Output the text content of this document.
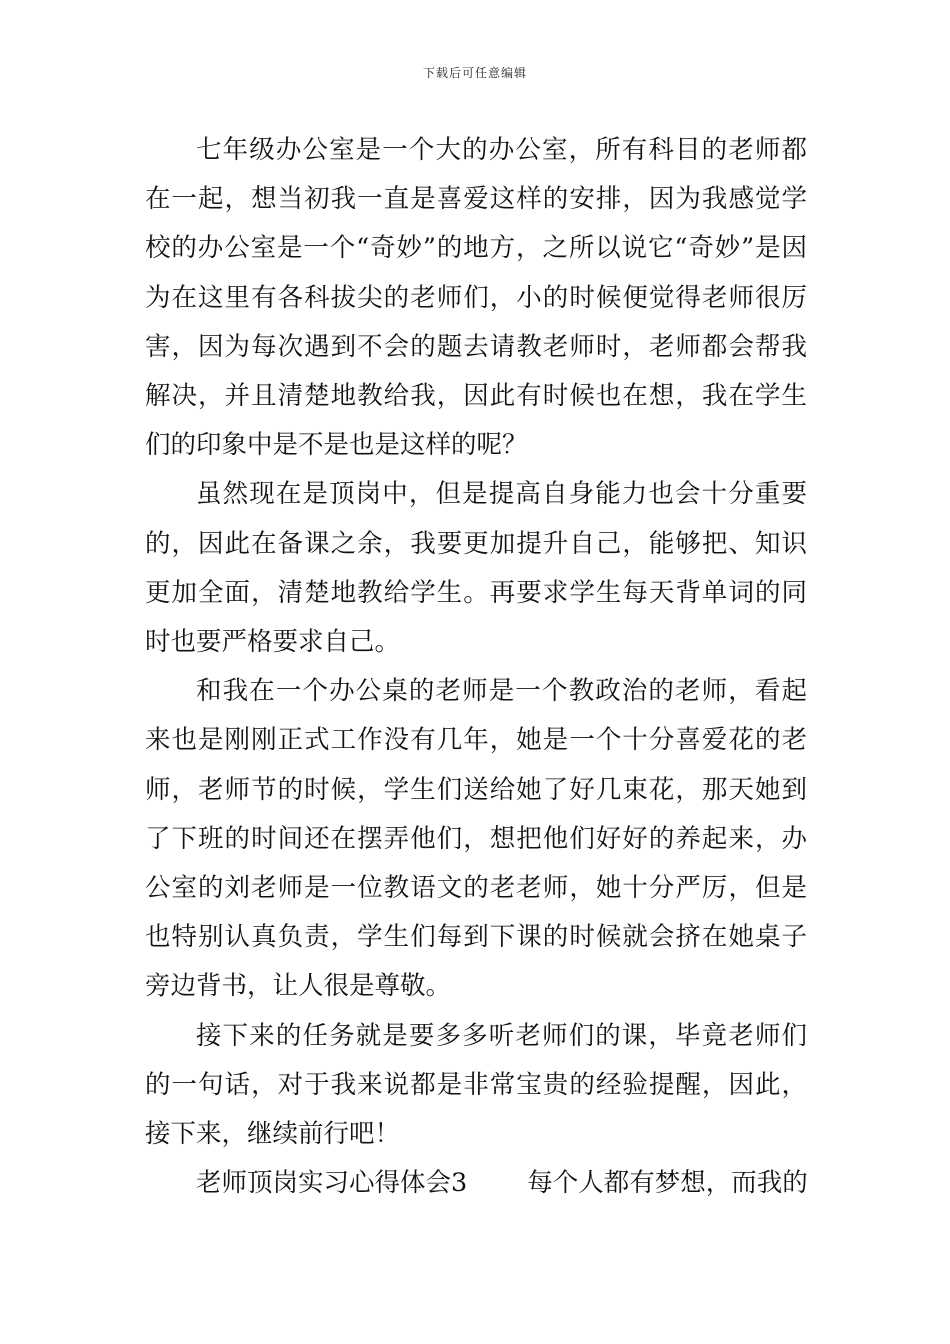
下载后可任意编辑

七年级办公室是一个大的办公室，所有科目的老师都在一起，想当初我一直是喜爱这样的安排，因为我感觉学校的办公室是一个“奇妙”的地方，之所以说它“奇妙”是因为在这里有各科拔尖的老师们，小的时候便觉得老师很厉害，因为每次遇到不会的题去请教老师时，老师都会帮我解决，并且清楚地教给我，因此有时候也在想，我在学生们的印象中是不是也是这样的呢？

虽然现在是顶岗中，但是提高自身能力也会十分重要的，因此在备课之余，我要更加提升自己，能够把、知识更加全面，清楚地教给学生。再要求学生每天背单词的同时也要严格要求自己。

和我在一个办公桌的老师是一个教政治的老师，看起来也是刚刚正式工作没有几年，她是一个十分喜爱花的老师，老师节的时候，学生们送给她了好几束花，那天她到了下班的时间还在摆弄他们，想把他们好好的养起来，办公室的刘老师是一位教语文的老老师，她十分严厉，但是也特别认真负责，学生们每到下课的时候就会挤在她桌子旁边背书，让人很是尊敬。

接下来的任务就是要多多听老师们的课，毕竟老师们的一句话，对于我来说都是非常宝贵的经验提醒，因此，接下来，继续前行吧！

老师顶岗实习心得体会3 每个人都有梦想，而我的
